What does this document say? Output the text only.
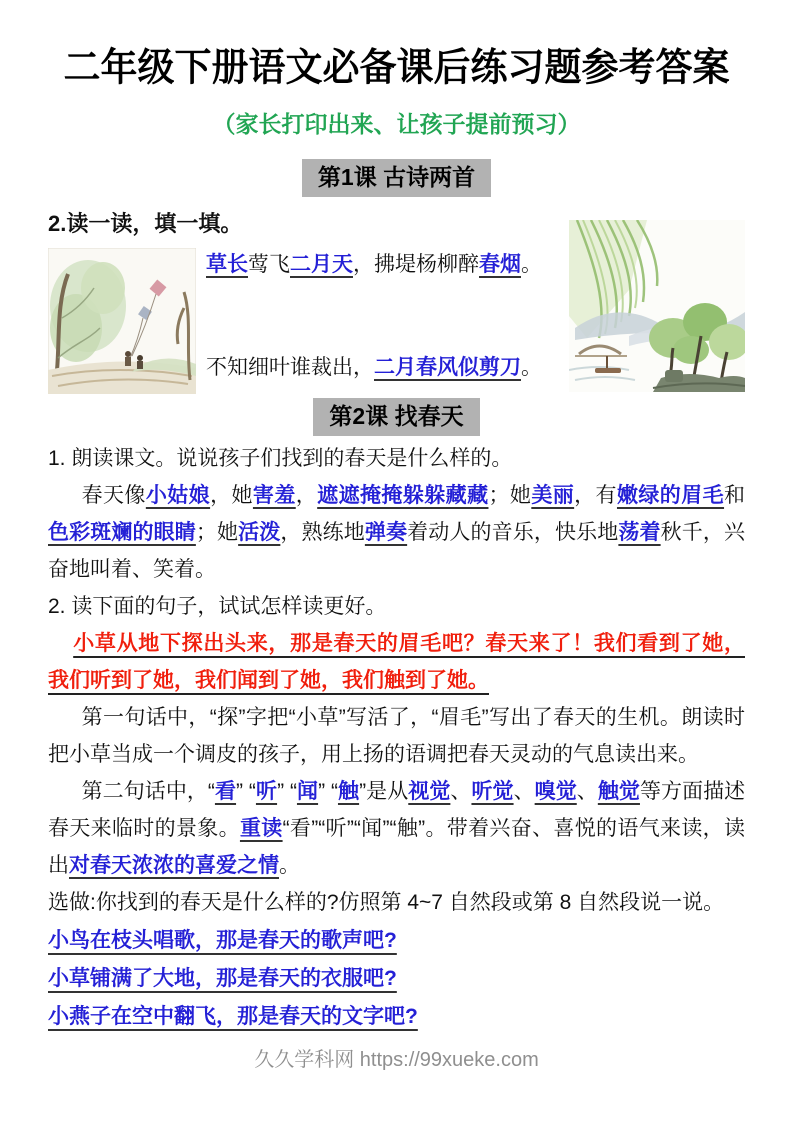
二年级下册语文必备课后练习题参考答案
（家长打印出来、让孩子提前预习）
第1课 古诗两首
2.读一读，填一填。
草长莺飞二月天，拂堤杨柳醉春烟。
不知细叶谁裁出，二月春风似剪刀。
第2课 找春天

1. 朗读课文。说说孩子们找到的春天是什么样的。

春天像小姑娘，她害羞，遮遮掩掩躲躲藏藏；她美丽，有嫩绿的眉毛和色彩斑斓的眼睛；她活泼，熟练地弹奏着动人的音乐，快乐地荡着秋千，兴奋地叫着、笑着。

2. 读下面的句子，试试怎样读更好。

小草从地下探出头来，那是春天的眉毛吧？春天来了！我们看到了她，我们听到了她，我们闻到了她，我们触到了她。

第一句话中，“探”字把“小草”写活了，“眉毛”写出了春天的生机。朗读时把小草当成一个调皮的孩子，用上扬的语调把春天灵动的气息读出来。

第二句话中，“看” “听” “闻” “触”是从视觉、听觉、嗅觉、触觉等方面描述春天来临时的景象。重读“看”“听”“闻”“触”。带着兴奋、喜悦的语气来读，读出对春天浓浓的喜爱之情。

选做:你找到的春天是什么样的?仿照第 4~7 自然段或第 8 自然段说一说。

小鸟在枝头唱歌，那是春天的歌声吧?
小草铺满了大地，那是春天的衣服吧?
小燕子在空中翻飞，那是春天的文字吧?
久久学科网 https://99xueke.com
